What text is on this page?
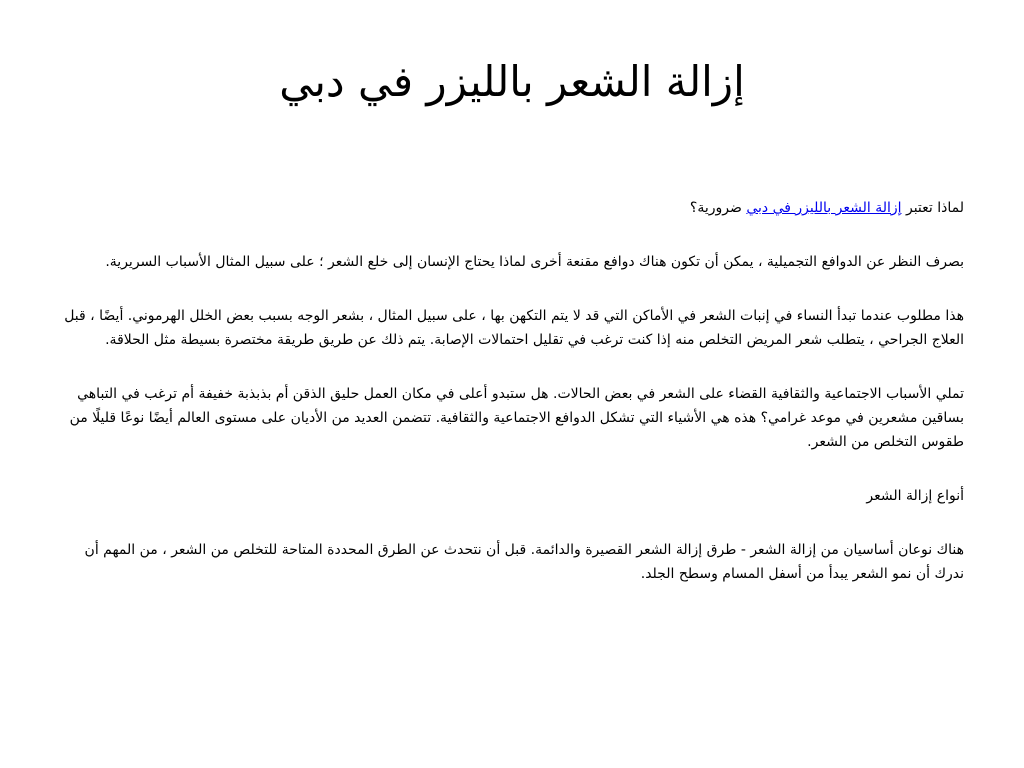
إزالة الشعر بالليزر في دبي

لماذا تعتبر إزالة الشعر بالليزر في دبي ضرورية؟

بصرف النظر عن الدوافع التجميلية ، يمكن أن تكون هناك دوافع مقنعة أخرى لماذا يحتاج الإنسان إلى خلع الشعر ؛ على سبيل المثال الأسباب السريرية.

هذا مطلوب عندما تبدأ النساء في إنبات الشعر في الأماكن التي قد لا يتم التكهن بها ، على سبيل المثال ، بشعر الوجه بسبب بعض الخلل الهرموني. أيضًا ، قبل العلاج الجراحي ، يتطلب شعر المريض التخلص منه إذا كنت ترغب في تقليل احتمالات الإصابة. يتم ذلك عن طريق طريقة مختصرة بسيطة مثل الحلاقة.

تملي الأسباب الاجتماعية والثقافية القضاء على الشعر في بعض الحالات. هل ستبدو أعلى في مكان العمل حليق الذقن أم بذبذبة خفيفة أم ترغب في التباهي بساقين مشعرين في موعد غرامي؟ هذه هي الأشياء التي تشكل الدوافع الاجتماعية والثقافية. تتضمن العديد من الأديان على مستوى العالم أيضًا نوعًا قليلًا من طقوس التخلص من الشعر.

أنواع إزالة الشعر

هناك نوعان أساسيان من إزالة الشعر - طرق إزالة الشعر القصيرة والدائمة. قبل أن نتحدث عن الطرق المحددة المتاحة للتخلص من الشعر ، من المهم أن ندرك أن نمو الشعر يبدأ من أسفل المسام وسطح الجلد.
